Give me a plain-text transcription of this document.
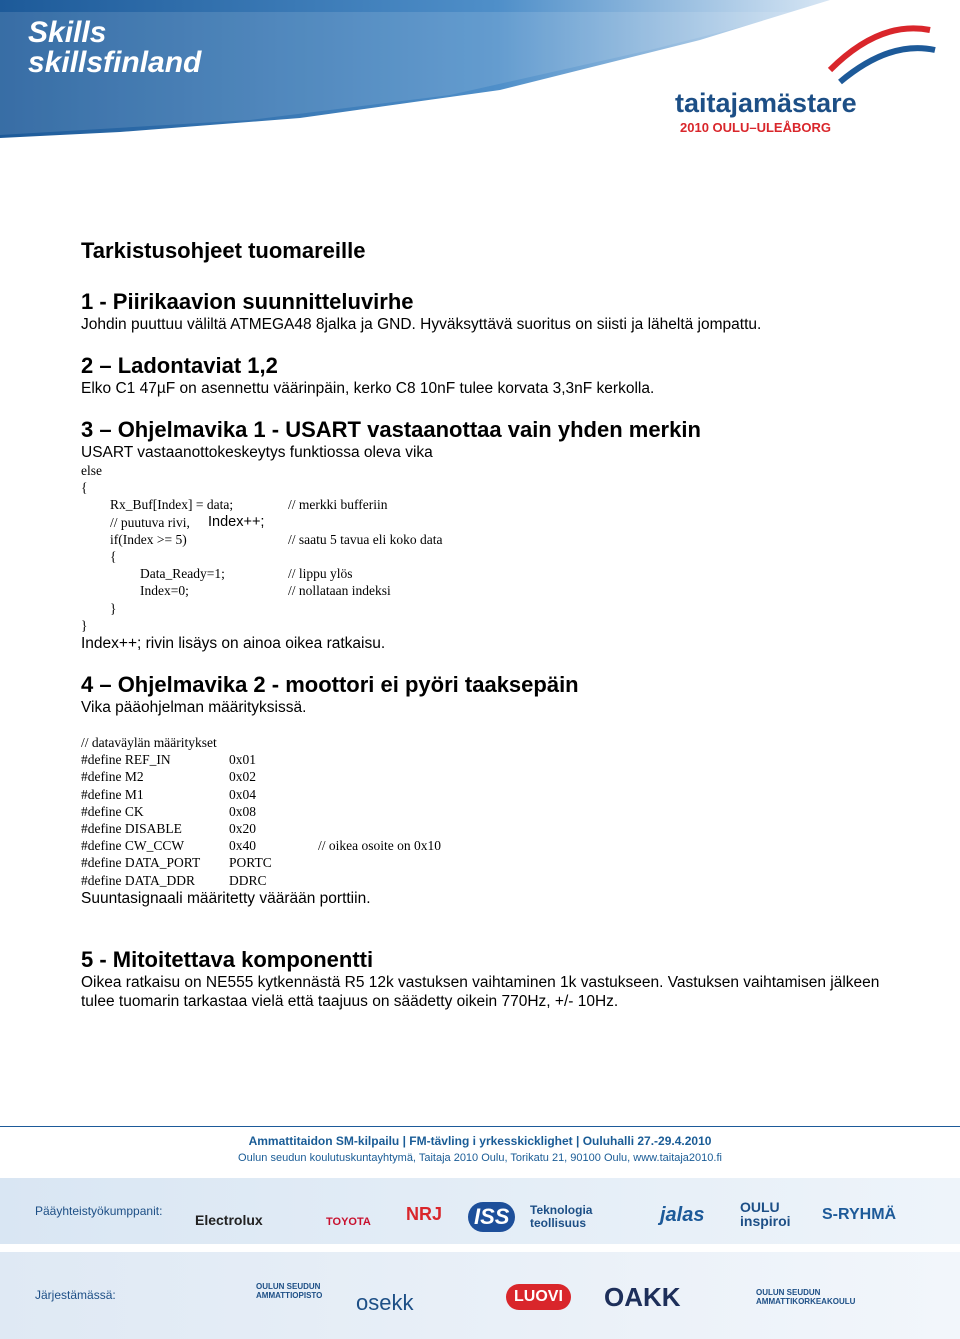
Skills skillsfinland
taitajamästare
2010 OULU–ULEÅBORG
Tarkistusohjeet tuomareille
1 - Piirikaavion suunnitteluvirhe

Johdin puuttuu väliltä ATMEGA48 8jalka ja GND. Hyväksyttävä suoritus on siisti ja läheltä jompattu.

2 – Ladontaviat 1,2

Elko C1 47µF on asennettu väärinpäin, kerko C8 10nF tulee korvata 3,3nF kerkolla.

3 – Ohjelmavika 1 - USART vastaanottaa vain yhden merkin

USART vastaanottokeskeytys funktiossa oleva vika

else
{
Rx_Buf[Index] = data;	// merkki bufferiin
// puutuva rivi,	Index++;
if(Index >= 5)	// saatu 5 tavua eli koko data
{
Data_Ready=1;	// lippu ylös
Index=0;	// nollataan indeksi
}
}

Index++; rivin lisäys on ainoa oikea ratkaisu.

4 – Ohjelmavika 2 - moottori ei pyöri taaksepäin

Vika pääohjelman määrityksissä.

// dataväylän määritykset
#define REF_IN	0x01
#define M2	0x02
#define M1	0x04
#define CK	0x08
#define DISABLE	0x20
#define CW_CCW	0x40	// oikea osoite on 0x10
#define DATA_PORT	PORTC
#define DATA_DDR	DDRC

Suuntasignaali määritetty väärään porttiin.

5 - Mitoitettava komponentti

Oikea ratkaisu on NE555 kytkennästä R5 12k vastuksen vaihtaminen 1k vastukseen. Vastuksen vaihtamisen jälkeen tulee tuomarin tarkastaa vielä että taajuus on säädetty oikein 770Hz, +/- 10Hz.

Ammattitaidon SM-kilpailu | FM-tävling i yrkesskicklighet | Ouluhalli 27.-29.4.2010
Oulun seudun koulutuskuntayhtymä, Taitaja 2010 Oulu, Torikatu 21, 90100 Oulu, www.taitaja2010.fi
Pääyhteistyökumppanit:
Electrolux	TOYOTA NRJ ISS	Teknologia teollisuus	jalas	OULU inspiroi	S-RYHMÄ
Järjestämässä:
OULUN SEUDUN AMMATTIOPISTO	osekk	LUOVI	OAKK	OULUN SEUDUN AMMATTIKORKEAKOULU
